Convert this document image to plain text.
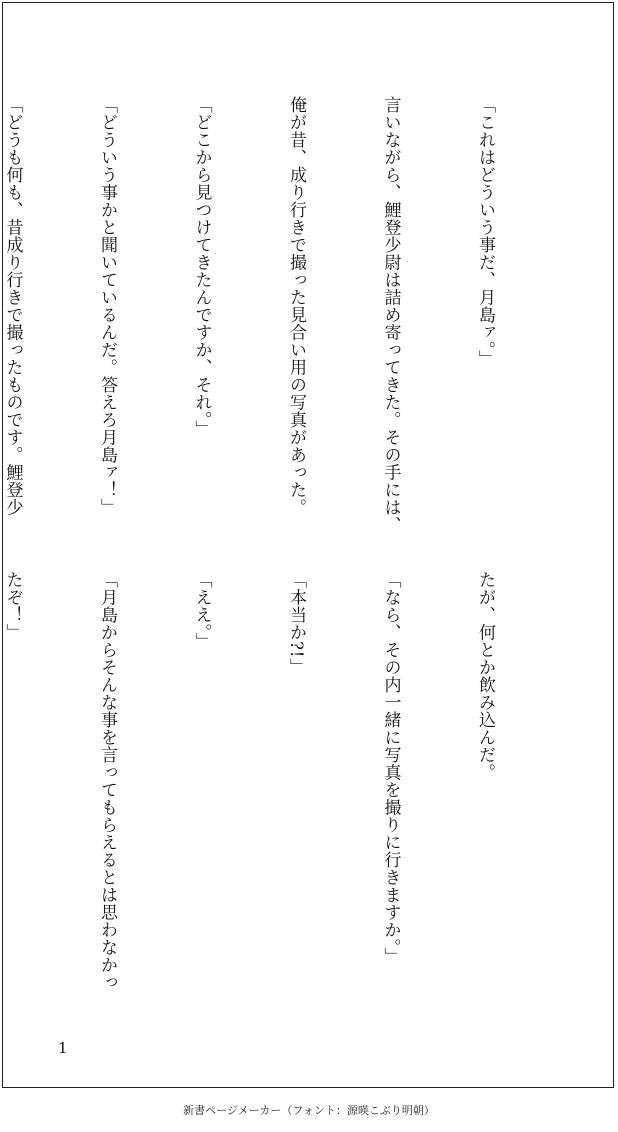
「これはどういう事だ、月島ァ。」

言いながら、鯉登少尉は詰め寄ってきた。その手には、

俺が昔、成り行きで撮った見合い用の写真があった。

「どこから見つけてきたんですか、それ。」

「どういう事かと聞いているんだ。答えろ月島ァ！」

「どうも何も、昔成り行きで撮ったものです。鯉登少

たが、何とか飲み込んだ。

「なら、その内一緒に写真を撮りに行きますか。」

「本当か?!」

「ええ。」

「月島からそんな事を言ってもらえるとは思わなかっ

たぞ！」

1
新書ページメーカー（フォント：源暎こぶり明朝）
